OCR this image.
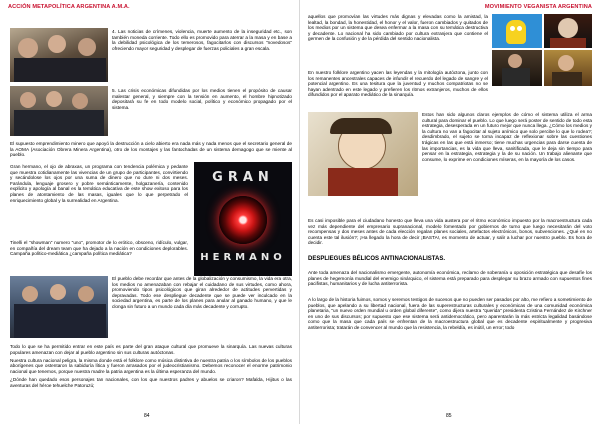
ACCIÓN METAPOLÍTICA ARGENTINA A.M.A.

4. Las noticias de crímenes, violencia, muerte aumento de la inseguridad etc., son también moneda corriente. Todo ello es promovido para aterrar a la masa y en base a la debilidad psicológica de los temerosos, fagocitarlos con discursos "novedosos" ofreciendo mayor seguridad y desplegar de fuerzas policiales a gran escala.

5. Las crisis económicas difundidas por los medios tienen el propósito de causar malestar general, y siempre con la tensión en aumento, el hombre hipnotizado depositará su fe en todo modelo social, político y económico propagado por el sistema.

El supuesto emprendimiento minero que apoyó la destrucción a cielo abierto era nada más y nada menos que el secretario general de la AOMA (Asociación Obrera Minera Argentina), otro de los montajes y las fantochadas de un sistema demagogo que se miente al pueblo.

Gran hermano, el ojo de abraxas, un programa con tendencia polémica y pedante que muestra cotidianamente las vivencias de un grupo de participantes, convirtiendo y secándolose los ojos por una suma de dinero que no dure ni dos meses. Farándula, lenguaje grosero y pobre semánticamente, holgazanería, contenido explícito y apología al banal es la temática educativa de este show exitoso para los planes de atontamiento de las masas, iguales que lo que perpetrado el enriquecimiento global y la surrealidad en Argentina.

GRAN
HERMANO

Tinelli el "showman" numero "uno", promotor de lo erótico, obsceno, ridículo, vulgar, en compañía del dream team que ha dejado a la nación en condiciones deplorables. Campaña político-mediática ¿campaña política mediática?

El pueblo debe recordar que antes de la globalización y consumismo, la vida era otra, los medios no amenazaban con rebajar el cuidadano de sus virtudes, como ahora, promoviendo tipos psicológicos que giran alrededor de actitudes pervertidas y depravadas. Todo ese despliegue decadente que se puede ver inculcado en la sociedad argentina, es parte de los planes para anular al ganado humano, y que le clonga sin futuro a un mundo cada día más decadente y corrupto.

Todo lo que se ha permitido entrar en este país es parte del gran ataque cultural que promueve la sinarquía. Las nuevas culturas populares amenazan con dejar al pueblo argentino sin sus culturas autóctonas.

Nuestra cultura nacional peligra, la misma donde está el folklore como música distintiva de nuestra patria o los símbolos de los pueblos aborígenes que ostentaron la sabiduría lítica y fueron arrasados por el judeocristianismo. Debemos reconocer el enorme patrimonio nacional que tenemos, porque nuestra madre la patria argentina es la última esperanza del mundo.

¿Dónde han quedado esos personajes tan nacionales, con los que nuestros padres y abuelos se criaron? Mafalda, Hijitus o las aventuras del héroe tehuelche Patoruzú;

84
MOVIMIENTO VEGANISTA ARGENTINA

aquellos que promovían las virtudes más dignas y elevadas como la amistad, la lealtad, la bondad, la honestidad, el honor y el valor, fueron cambiados y quitados de los medios por un sistema que desea enfermar a la masa con su temática destructiva y decadente. Lo nacional ha sido cambiado por cultura extranjera que contiene el germen de la confusión y de la pérdida del sentido nacionalista.

En nuestro folklore argentino yacen las leyendas y la mitología autóctona, junto con los remanentes ancestrales capaces de infundir el recuerdo del legado de sangre y el potencial argentino. Es una tesitura que la juventud y muchos compatriotas no se hayan adentrado en este legado y prefieren los ritmos extranjeros, muchos de ellos difundidos por el aparato mediático de la sinarquía.

Estos han sido algunos claros ejemplos de cómo el sistema utiliza el arma cultural para dominar el pueblo. Lo que luego será poster de sentido de todo esta estrategia, desesperada en un futuro mejor que nunca llega. ¿Cómo los medios y la cultura no van a fagocitar al sujeto anímico que solo percibe lo que lo rodea?; desdimbrado, el sujeto se torna incapaz de reflexionar sobre las cuestiones trágicas en las que está inmerso; tiene muchas urgencias para darse cuenta de las importancias, es la vida que lleva, sanitificada, que le deja sin tiempo para pensar en la estrategia, estrategia y la de su nación. Un trabajo alienante que consume, lo exprime en condiciones míseras, en la mayoría de los casos.

Es casi imposible para el ciudadano honesto que lleva una vida austera por el ritmo económico impuesto por la macroestructura cada vez más dependiente del empresario supranacional, modelo fomentado por gobiernos de turno que luego necesitarán del voto recompensas y dos meses antes de cada elección regalan planes sociales, artefactos electrónicos, bonos, subvenciones. ¿Qué en no cuenta este tal ilusión?; ¡Ha llegado la hora de decir ¡BASTA!, es momento de actuar, y salir a luchar por nuestro pueblo. Es hora de decidir.

DESPLIEGUES BÉLICOS ANTINACIONALISTAS.

Ante toda amenaza del nacionalismo emergente, autonomía económica, reclamo de soberanía u oposición estratégica que desafíe los planes de hegemonía mundial del enemigo sinárquico, el sistema está preparado para desplegar su brazo armado con supuestos fines pacifistas, humanitarios y de lucha antiterrorista.

A lo largo de la historia fuimos, somos y seremos testigos de sucesos que no pueden ser pasados por alto, me refiero a sometimiento de pueblos, que apelando a su libertad nacional, fuera de las superestructuras culturales y económicas de una comunidad económica planetaria, "un nuevo orden mundial u orden global diferente", como dijera nuestra "querida" presidenta Cristina Fernández de Kirchner en uno de sus discursos; por supuesto que ese sistema será antidemocrático, pero aparentarán la más estricta legalidad basándose como que la masa que cada país se enfrentan de la macroestructura global que es decadente espiritualmente y progresiva antiterrorista; tratarán de convencer al mundo que la resistencia, la rebeldía, es inútil, un error; todo

85
